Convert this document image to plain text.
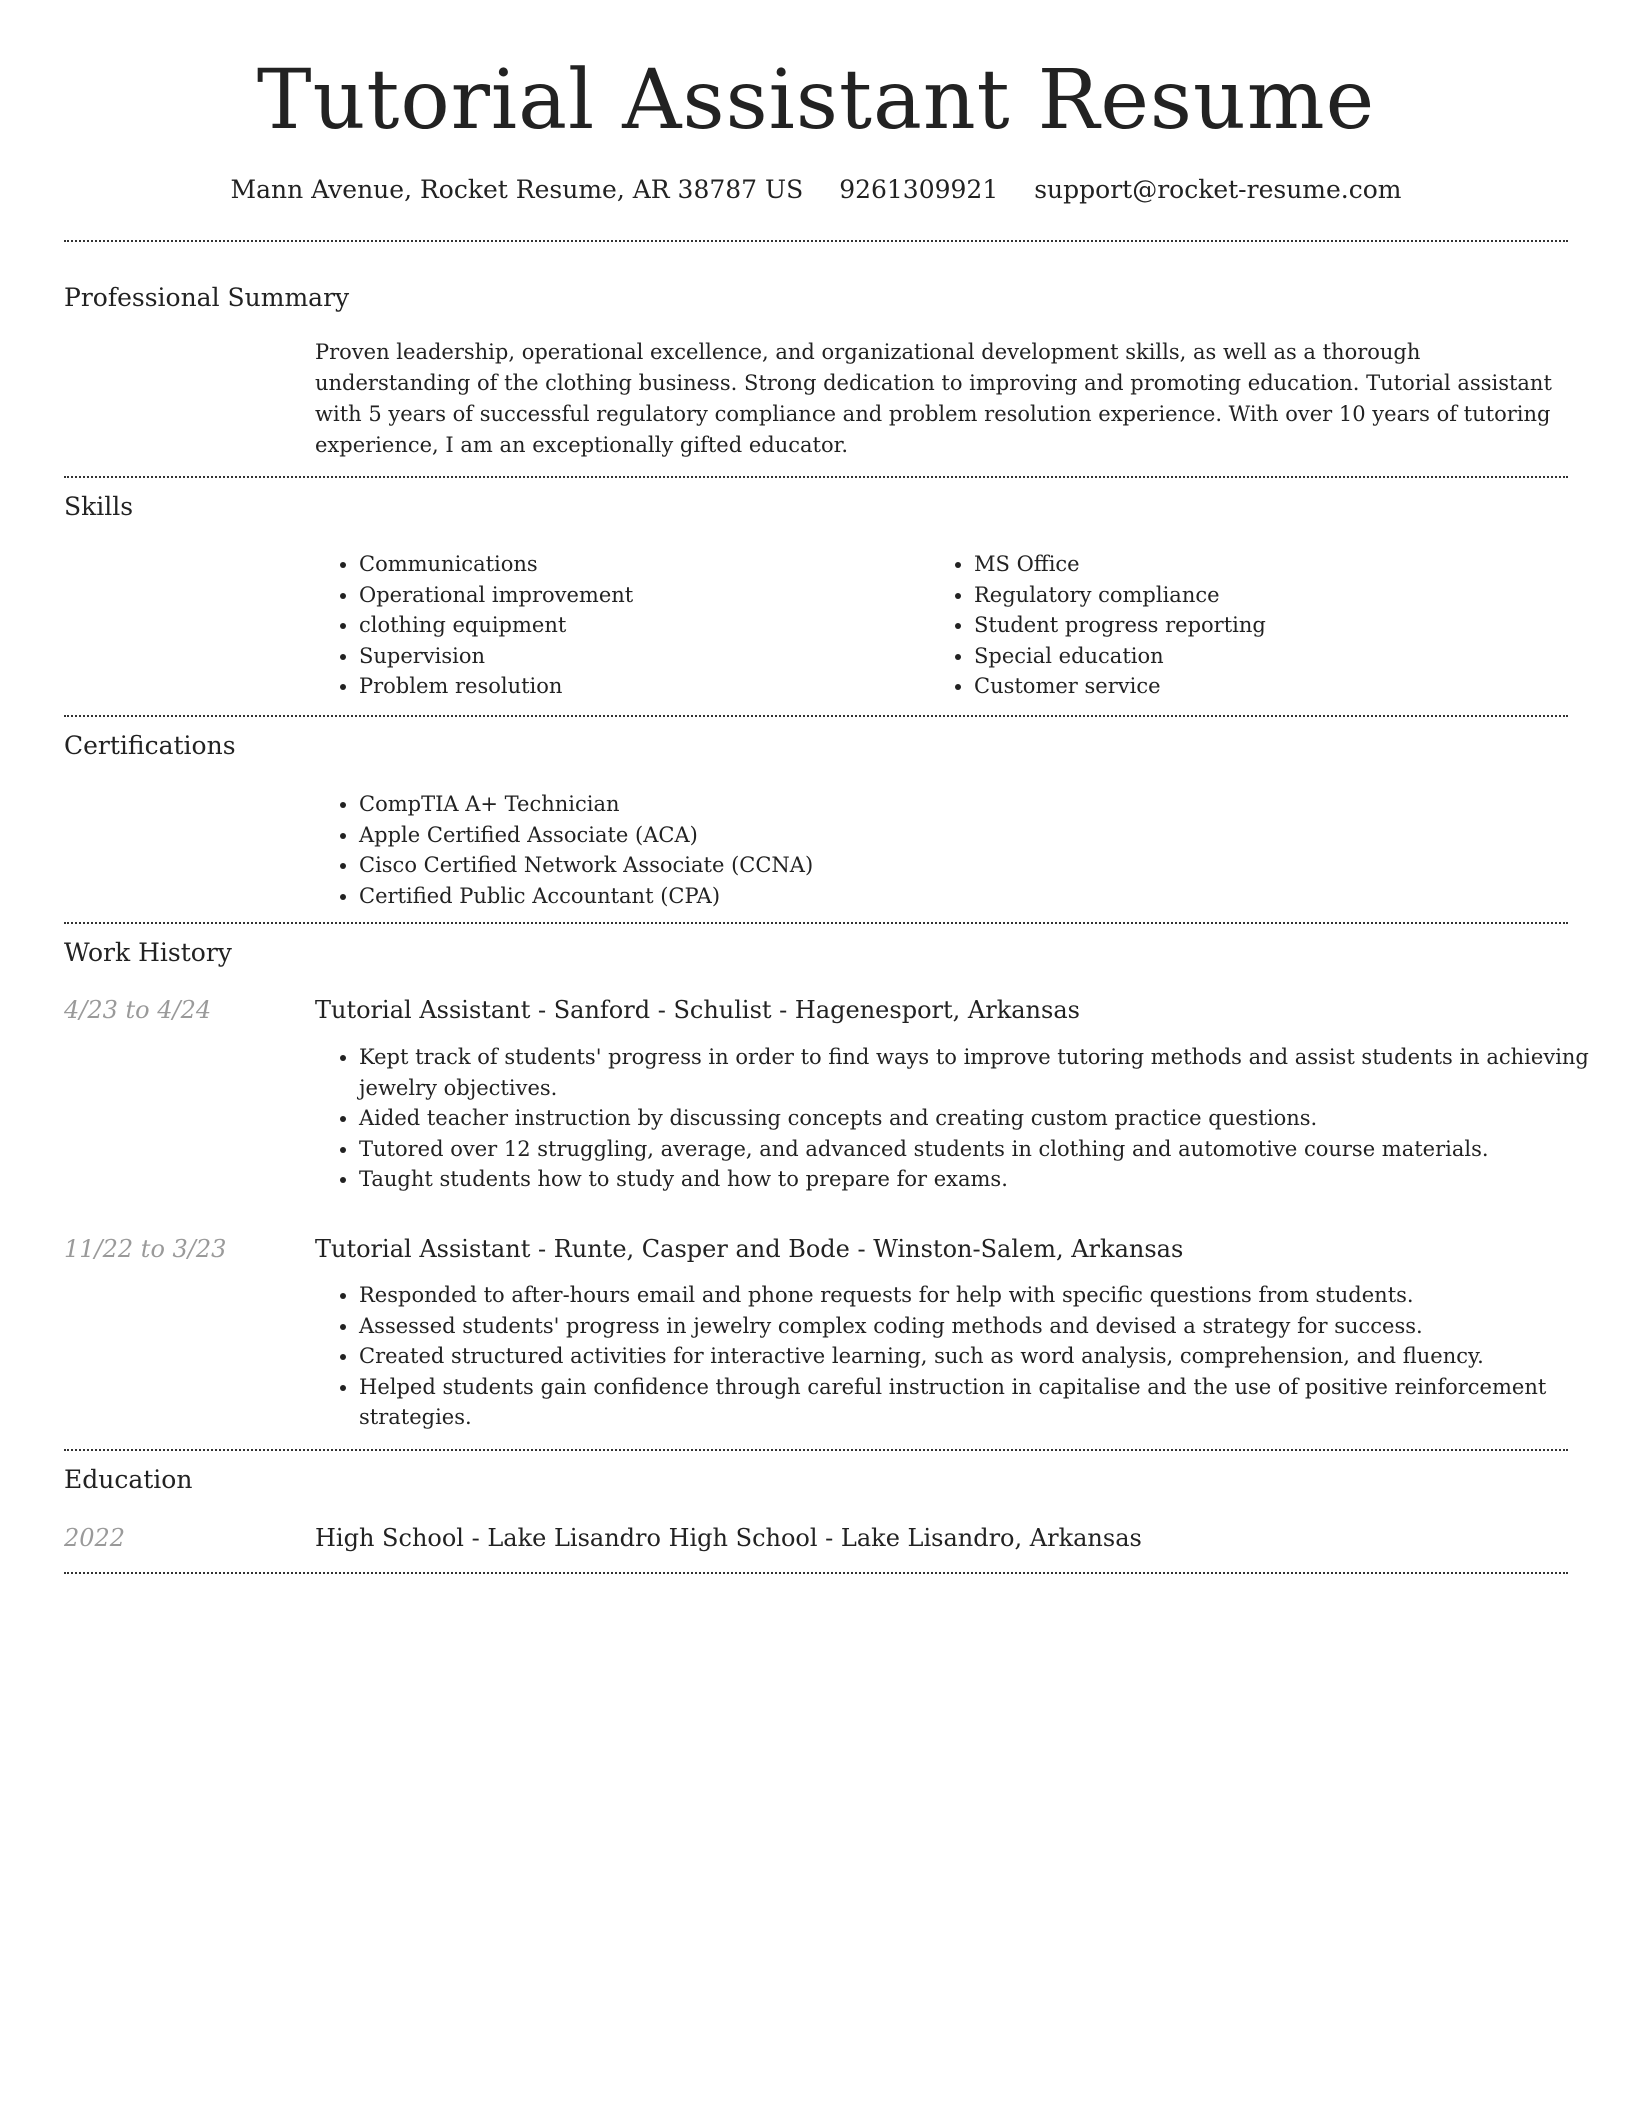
Tutorial Assistant Resume
Mann Avenue, Rocket Resume, AR 38787 US 9261309921 support@rocket-resume.com
Professional Summary
Proven leadership, operational excellence, and organizational development skills, as well as a thorough understanding of the clothing business. Strong dedication to improving and promoting education. Tutorial assistant with 5 years of successful regulatory compliance and problem resolution experience. With over 10 years of tutoring experience, I am an exceptionally gifted educator.
Skills
• Communications
• Operational improvement
• clothing equipment
• Supervision
• Problem resolution
• MS Office
• Regulatory compliance
• Student progress reporting
• Special education
• Customer service
Certifications
• CompTIA A+ Technician
• Apple Certified Associate (ACA)
• Cisco Certified Network Associate (CCNA)
• Certified Public Accountant (CPA)
Work History
4/23 to 4/24	Tutorial Assistant - Sanford - Schulist - Hagenesport, Arkansas
• Kept track of students' progress in order to find ways to improve tutoring methods and assist students in achieving jewelry objectives.
• Aided teacher instruction by discussing concepts and creating custom practice questions.
• Tutored over 12 struggling, average, and advanced students in clothing and automotive course materials.
• Taught students how to study and how to prepare for exams.
11/22 to 3/23	Tutorial Assistant - Runte, Casper and Bode - Winston-Salem, Arkansas
• Responded to after-hours email and phone requests for help with specific questions from students.
• Assessed students' progress in jewelry complex coding methods and devised a strategy for success.
• Created structured activities for interactive learning, such as word analysis, comprehension, and fluency.
• Helped students gain confidence through careful instruction in capitalise and the use of positive reinforcement strategies.
Education
2022	High School - Lake Lisandro High School - Lake Lisandro, Arkansas
